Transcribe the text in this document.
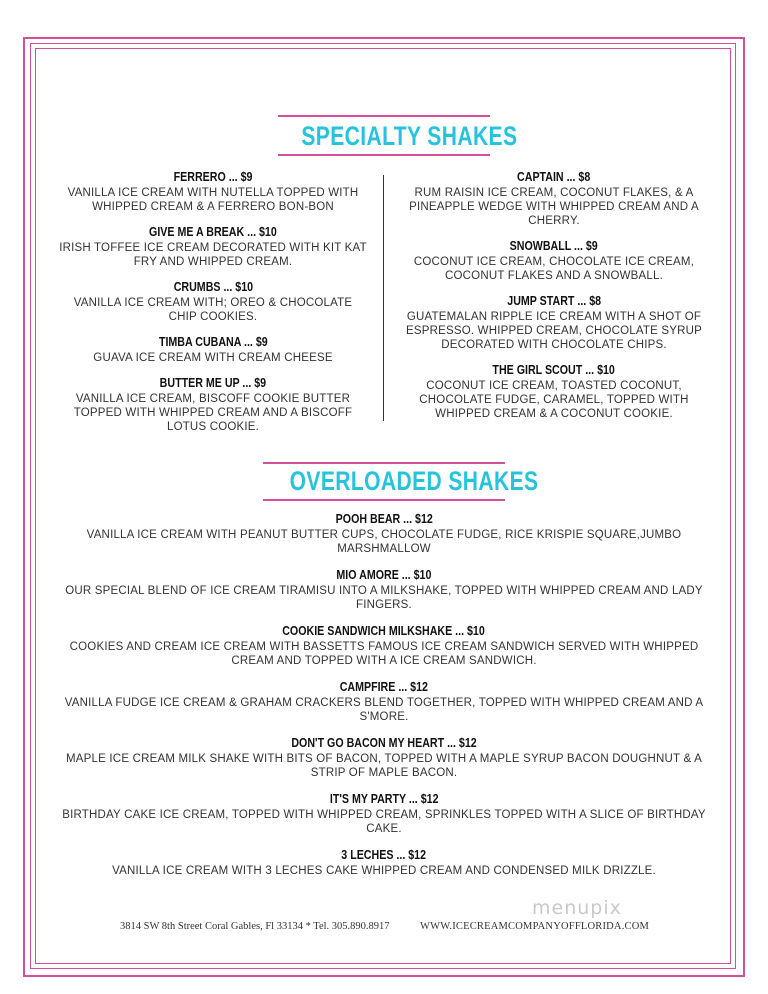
SPECIALTY SHAKES
FERRERO ... $9
VANILLA ICE CREAM WITH NUTELLA TOPPED WITH WHIPPED CREAM & A FERRERO BON-BON
GIVE ME A BREAK ... $10
IRISH TOFFEE ICE CREAM DECORATED WITH KIT KAT FRY AND WHIPPED CREAM.
CRUMBS ... $10
VANILLA ICE CREAM WITH; OREO & CHOCOLATE CHIP COOKIES.
TIMBA CUBANA ... $9
GUAVA ICE CREAM WITH CREAM CHEESE
BUTTER ME UP ... $9
VANILLA ICE CREAM, BISCOFF COOKIE BUTTER TOPPED WITH WHIPPED CREAM AND A BISCOFF LOTUS COOKIE.
CAPTAIN ... $8
RUM RAISIN ICE CREAM, COCONUT FLAKES, & A PINEAPPLE WEDGE WITH WHIPPED CREAM AND A CHERRY.
SNOWBALL ... $9
COCONUT ICE CREAM, CHOCOLATE ICE CREAM, COCONUT FLAKES AND A SNOWBALL.
JUMP START ... $8
GUATEMALAN RIPPLE ICE CREAM WITH A SHOT OF ESPRESSO. WHIPPED CREAM, CHOCOLATE SYRUP DECORATED WITH CHOCOLATE CHIPS.
THE GIRL SCOUT ... $10
COCONUT ICE CREAM, TOASTED COCONUT, CHOCOLATE FUDGE, CARAMEL, TOPPED WITH WHIPPED CREAM & A COCONUT COOKIE.
OVERLOADED SHAKES
POOH BEAR ... $12
VANILLA ICE CREAM WITH PEANUT BUTTER CUPS, CHOCOLATE FUDGE, RICE KRISPIE SQUARE,JUMBO MARSHMALLOW
MIO AMORE ... $10
OUR SPECIAL BLEND OF ICE CREAM TIRAMISU INTO A MILKSHAKE, TOPPED WITH WHIPPED CREAM AND LADY FINGERS.
COOKIE SANDWICH MILKSHAKE ... $10
COOKIES AND CREAM ICE CREAM WITH BASSETTS FAMOUS ICE CREAM SANDWICH SERVED WITH WHIPPED CREAM AND TOPPED WITH A ICE CREAM SANDWICH.
CAMPFIRE ... $12
VANILLA FUDGE ICE CREAM & GRAHAM CRACKERS BLEND TOGETHER, TOPPED WITH WHIPPED CREAM AND A S'MORE.
DON'T GO BACON MY HEART ... $12
MAPLE ICE CREAM MILK SHAKE WITH BITS OF BACON, TOPPED WITH A MAPLE SYRUP BACON DOUGHNUT & A STRIP OF MAPLE BACON.
IT'S MY PARTY ... $12
BIRTHDAY CAKE ICE CREAM, TOPPED WITH WHIPPED CREAM, SPRINKLES TOPPED WITH A SLICE OF BIRTHDAY CAKE.
3 LECHES ... $12
VANILLA ICE CREAM WITH 3 LECHES CAKE WHIPPED CREAM AND CONDENSED MILK DRIZZLE.
menupix
3814 SW 8th Street Coral Gables, Fl 33134 * Tel. 305.890.8917	WWW.ICECREAMCOMPANYOFFLORIDA.COM
